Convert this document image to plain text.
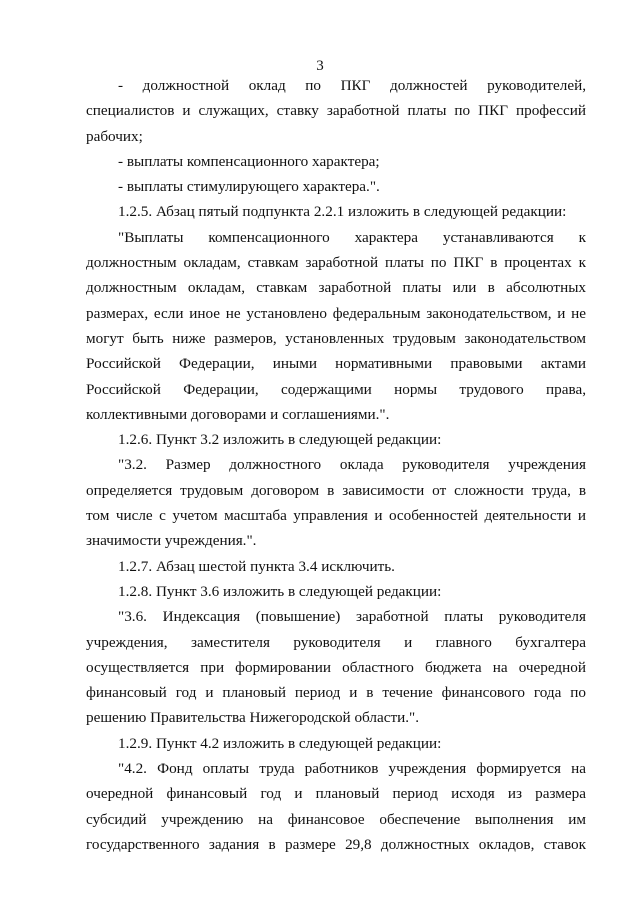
3
- должностной оклад по ПКГ должностей руководителей,
специалистов и служащих, ставку заработной платы по ПКГ профессий
рабочих;
- выплаты компенсационного характера;
- выплаты стимулирующего характера.".
1.2.5. Абзац пятый подпункта 2.2.1 изложить в следующей редакции:
"Выплаты компенсационного характера устанавливаются к
должностным окладам, ставкам заработной платы по ПКГ в процентах к
должностным окладам, ставкам заработной платы или в абсолютных
размерах, если иное не установлено федеральным законодательством, и не
могут быть ниже размеров, установленных трудовым законодательством
Российской Федерации, иными нормативными правовыми актами
Российской Федерации, содержащими нормы трудового права,
коллективными договорами и соглашениями.".
1.2.6. Пункт 3.2 изложить в следующей редакции:
"3.2. Размер должностного оклада руководителя учреждения
определяется трудовым договором в зависимости от сложности труда, в
том числе с учетом масштаба управления и особенностей деятельности и
значимости учреждения.".
1.2.7. Абзац шестой пункта 3.4 исключить.
1.2.8. Пункт 3.6 изложить в следующей редакции:
"3.6. Индексация (повышение) заработной платы руководителя
учреждения, заместителя руководителя и главного бухгалтера
осуществляется при формировании областного бюджета на очередной
финансовый год и плановый период и в течение финансового года по
решению Правительства Нижегородской области.".
1.2.9. Пункт 4.2 изложить в следующей редакции:
"4.2. Фонд оплаты труда работников учреждения формируется на
очередной финансовый год и плановый период исходя из размера
субсидий учреждению на финансовое обеспечение выполнения им
государственного задания в размере 29,8 должностных окладов, ставок
